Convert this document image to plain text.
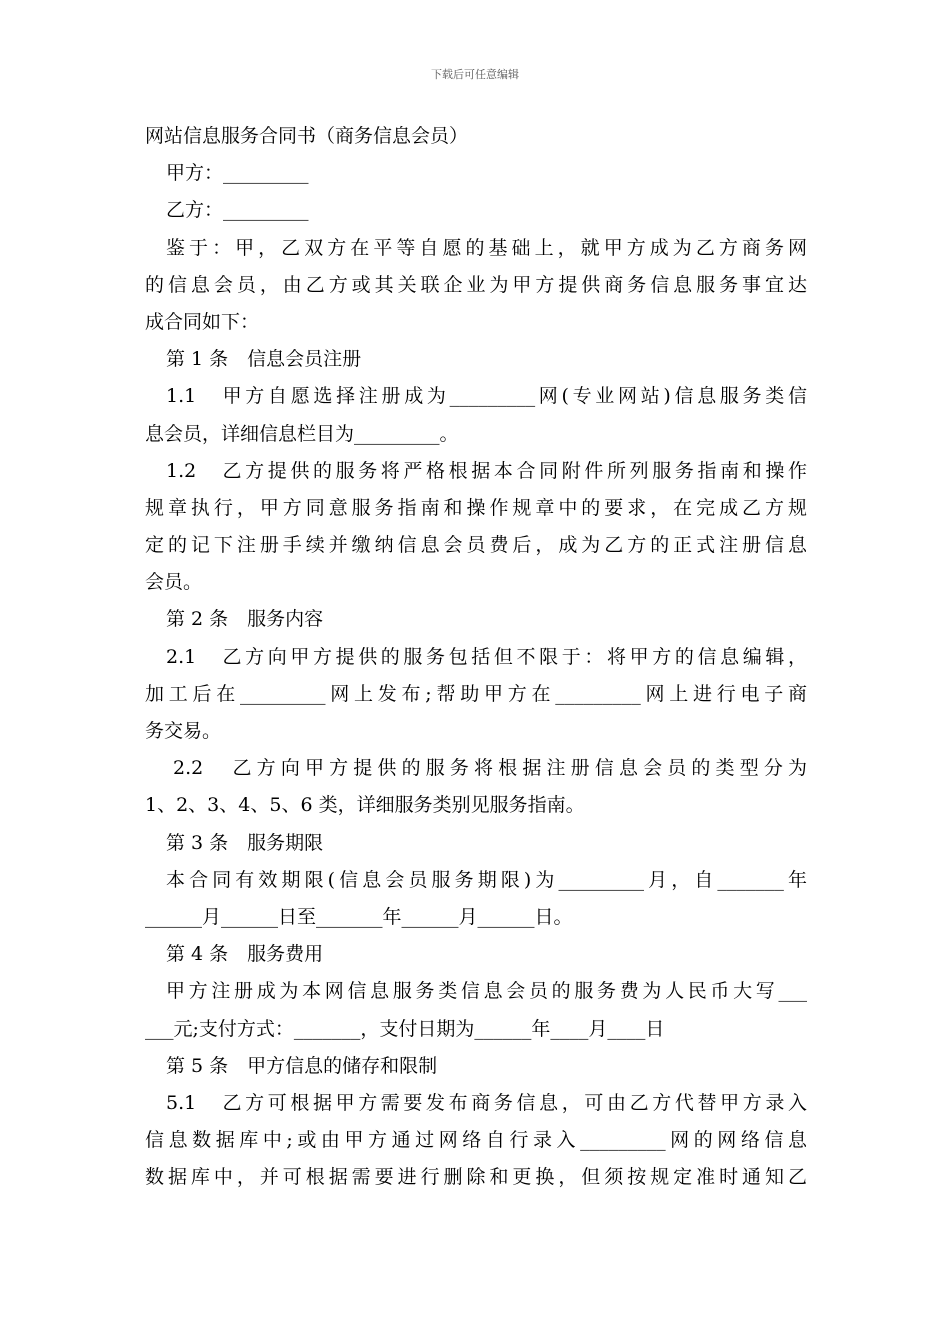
下载后可任意编辑
网站信息服务合同书（商务信息会员）
甲方：_________
乙方：_________
鉴于：甲，乙双方在平等自愿的基础上，就甲方成为乙方商务网
的信息会员，由乙方或其关联企业为甲方提供商务信息服务事宜达
成合同如下：
第 1 条　信息会员注册
1.1　甲方自愿选择注册成为_________网(专业网站)信息服务类信
息会员，详细信息栏目为_________。
1.2　乙方提供的服务将严格根据本合同附件所列服务指南和操作
规章执行，甲方同意服务指南和操作规章中的要求，在完成乙方规
定的记下注册手续并缴纳信息会员费后，成为乙方的正式注册信息
会员。
第 2 条　服务内容
2.1　乙方向甲方提供的服务包括但不限于：将甲方的信息编辑，
加工后在_________网上发布;帮助甲方在_________网上进行电子商
务交易。
2.2　乙方向甲方提供的服务将根据注册信息会员的类型分为
1、2、3、4、5、6 类，详细服务类别见服务指南。
第 3 条　服务期限
本合同有效期限(信息会员服务期限)为_________月，自_______年
______月______日至_______年______月______日。
第 4 条　服务费用
甲方注册成为本网信息服务类信息会员的服务费为人民币大写___
___元;支付方式：_______，支付日期为______年____月____日
第 5 条　甲方信息的储存和限制
5.1　乙方可根据甲方需要发布商务信息，可由乙方代替甲方录入
信息数据库中;或由甲方通过网络自行录入_________网的网络信息
数据库中，并可根据需要进行删除和更换，但须按规定准时通知乙
